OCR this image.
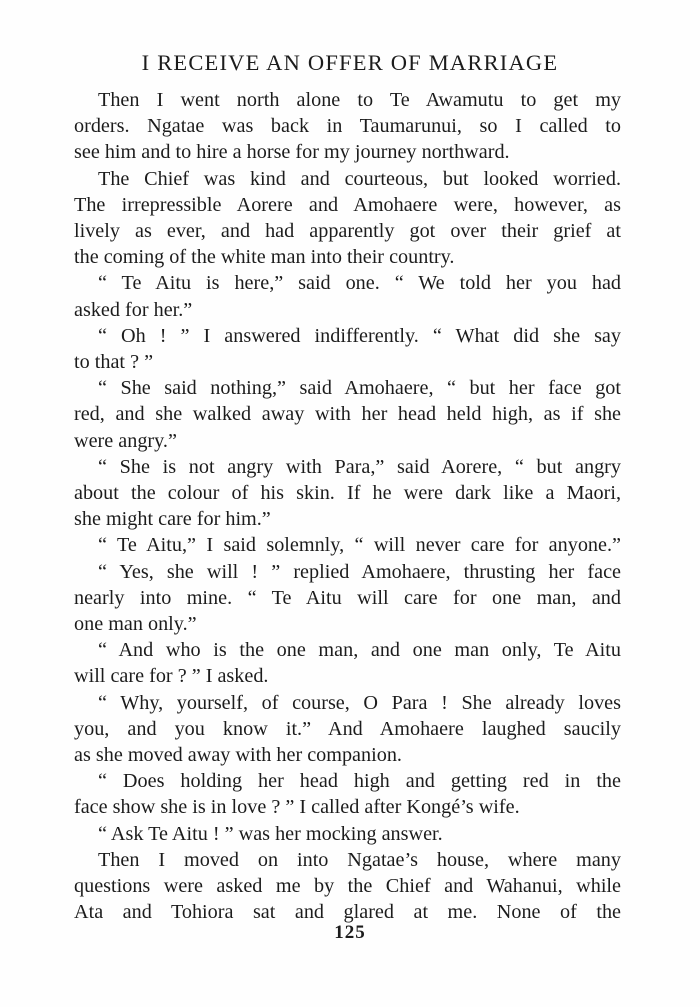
I RECEIVE AN OFFER OF MARRIAGE

Then I went north alone to Te Awamutu to get my
orders. Ngatae was back in Taumarunui, so I called to
see him and to hire a horse for my journey northward.

The Chief was kind and courteous, but looked worried.
The irrepressible Aorere and Amohaere were, however, as
lively as ever, and had apparently got over their grief at
the coming of the white man into their country.

“ Te Aitu is here,” said one. “ We told her you had
asked for her.”

“ Oh ! ” I answered indifferently. “ What did she say
to that ? ”

“ She said nothing,” said Amohaere, “ but her face got
red, and she walked away with her head held high, as if she
were angry.”

“ She is not angry with Para,” said Aorere, “ but angry
about the colour of his skin. If he were dark like a Maori,
she might care for him.”

“ Te Aitu,” I said solemnly, “ will never care for anyone.”

“ Yes, she will ! ” replied Amohaere, thrusting her face
nearly into mine. “ Te Aitu will care for one man, and
one man only.”

“ And who is the one man, and one man only, Te Aitu
will care for ? ” I asked.

“ Why, yourself, of course, O Para ! She already loves
you, and you know it.” And Amohaere laughed saucily
as she moved away with her companion.

“ Does holding her head high and getting red in the
face show she is in love ? ” I called after Kongé’s wife.

“ Ask Te Aitu ! ” was her mocking answer.

Then I moved on into Ngatae’s house, where many
questions were asked me by the Chief and Wahanui, while
Ata and Tohiora sat and glared at me. None of the

125
